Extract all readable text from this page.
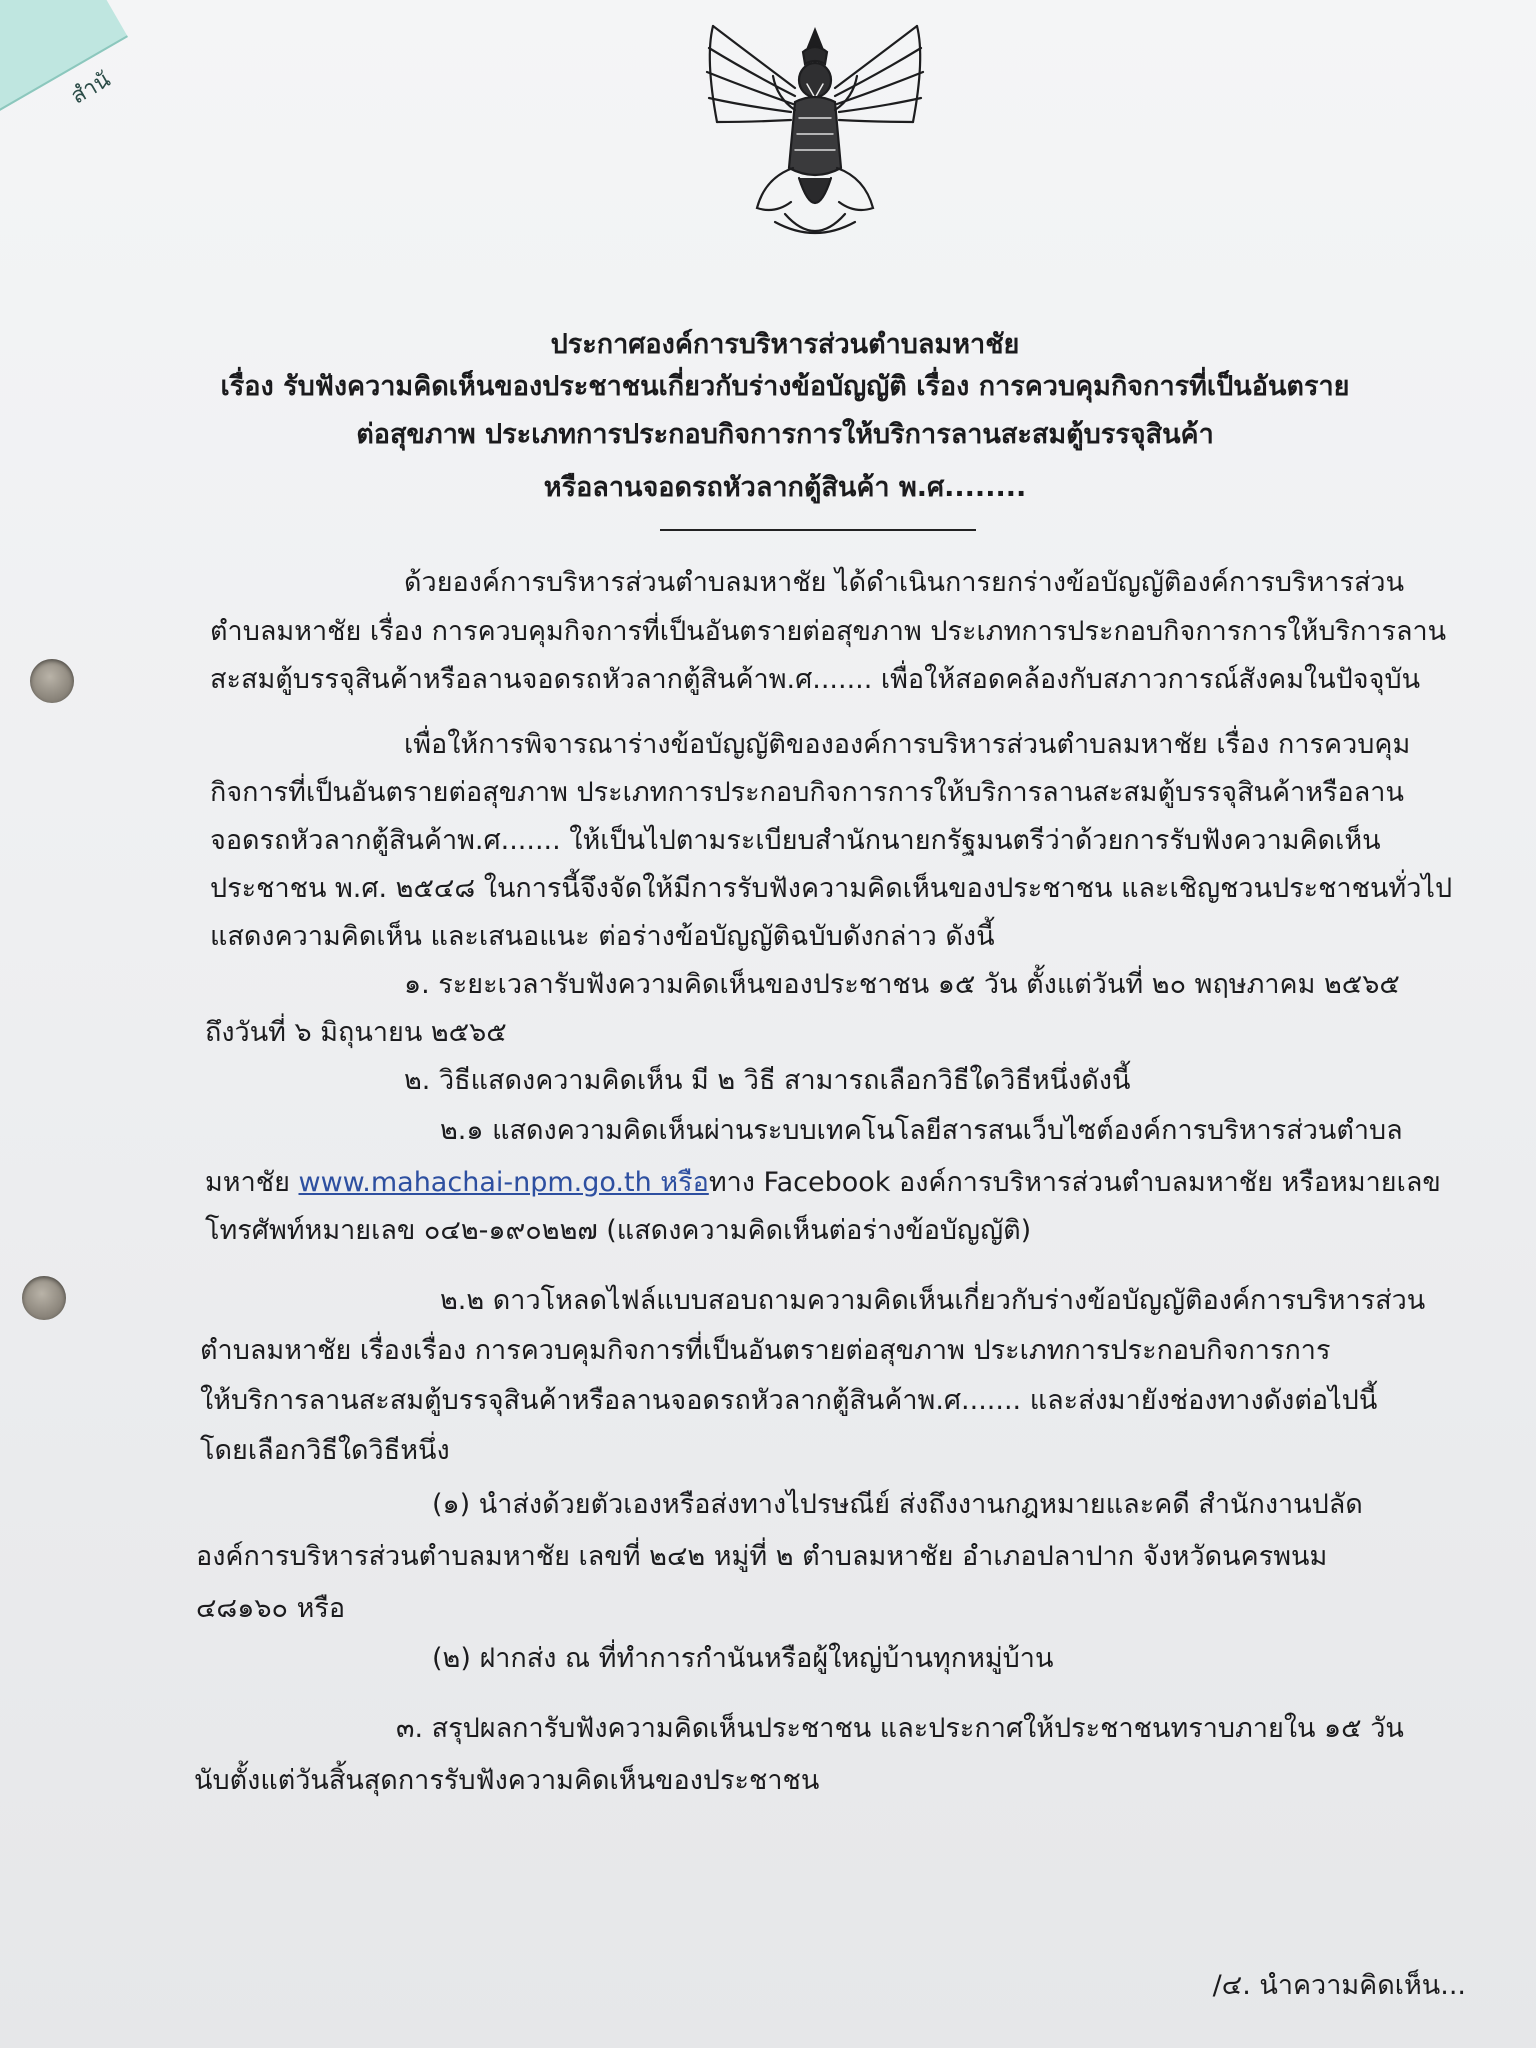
สำนั
ประกาศองค์การบริหารส่วนตำบลมหาชัย
เรื่อง รับฟังความคิดเห็นของประชาชนเกี่ยวกับร่างข้อบัญญัติ เรื่อง การควบคุมกิจการที่เป็นอันตราย
ต่อสุขภาพ ประเภทการประกอบกิจการการให้บริการลานสะสมตู้บรรจุสินค้า
หรือลานจอดรถหัวลากตู้สินค้า พ.ศ........
ด้วยองค์การบริหารส่วนตำบลมหาชัย ได้ดำเนินการยกร่างข้อบัญญัติองค์การบริหารส่วน
ตำบลมหาชัย เรื่อง การควบคุมกิจการที่เป็นอันตรายต่อสุขภาพ ประเภทการประกอบกิจการการให้บริการลาน
สะสมตู้บรรจุสินค้าหรือลานจอดรถหัวลากตู้สินค้าพ.ศ....... เพื่อให้สอดคล้องกับสภาวการณ์สังคมในปัจจุบัน
เพื่อให้การพิจารณาร่างข้อบัญญัติขององค์การบริหารส่วนตำบลมหาชัย เรื่อง การควบคุม
กิจการที่เป็นอันตรายต่อสุขภาพ ประเภทการประกอบกิจการการให้บริการลานสะสมตู้บรรจุสินค้าหรือลาน
จอดรถหัวลากตู้สินค้าพ.ศ....... ให้เป็นไปตามระเบียบสำนักนายกรัฐมนตรีว่าด้วยการรับฟังความคิดเห็น
ประชาชน พ.ศ. ๒๕๔๘ ในการนี้จึงจัดให้มีการรับฟังความคิดเห็นของประชาชน และเชิญชวนประชาชนทั่วไป
แสดงความคิดเห็น และเสนอแนะ ต่อร่างข้อบัญญัติฉบับดังกล่าว ดังนี้
๑. ระยะเวลารับฟังความคิดเห็นของประชาชน ๑๕ วัน ตั้งแต่วันที่ ๒๐ พฤษภาคม ๒๕๖๕
ถึงวันที่ ๖ มิถุนายน ๒๕๖๕
๒. วิธีแสดงความคิดเห็น มี ๒ วิธี สามารถเลือกวิธีใดวิธีหนึ่งดังนี้
๒.๑ แสดงความคิดเห็นผ่านระบบเทคโนโลยีสารสนเว็บไซต์องค์การบริหารส่วนตำบล
มหาชัย www.mahachai-npm.go.th หรือทาง Facebook องค์การบริหารส่วนตำบลมหาชัย หรือหมายเลข
โทรศัพท์หมายเลข ๐๔๒-๑๙๐๒๒๗ (แสดงความคิดเห็นต่อร่างข้อบัญญัติ)
๒.๒ ดาวโหลดไฟล์แบบสอบถามความคิดเห็นเกี่ยวกับร่างข้อบัญญัติองค์การบริหารส่วน
ตำบลมหาชัย เรื่องเรื่อง การควบคุมกิจการที่เป็นอันตรายต่อสุขภาพ ประเภทการประกอบกิจการการ
ให้บริการลานสะสมตู้บรรจุสินค้าหรือลานจอดรถหัวลากตู้สินค้าพ.ศ....... และส่งมายังช่องทางดังต่อไปนี้
โดยเลือกวิธีใดวิธีหนึ่ง
(๑) นำส่งด้วยตัวเองหรือส่งทางไปรษณีย์ ส่งถึงงานกฎหมายและคดี สำนักงานปลัด
องค์การบริหารส่วนตำบลมหาชัย เลขที่ ๒๔๒ หมู่ที่ ๒ ตำบลมหาชัย อำเภอปลาปาก จังหวัดนครพนม
๔๘๑๖๐ หรือ
(๒) ฝากส่ง ณ ที่ทำการกำนันหรือผู้ใหญ่บ้านทุกหมู่บ้าน
๓. สรุปผลการับฟังความคิดเห็นประชาชน และประกาศให้ประชาชนทราบภายใน ๑๕ วัน
นับตั้งแต่วันสิ้นสุดการรับฟังความคิดเห็นของประชาชน
/๔. นำความคิดเห็น...
